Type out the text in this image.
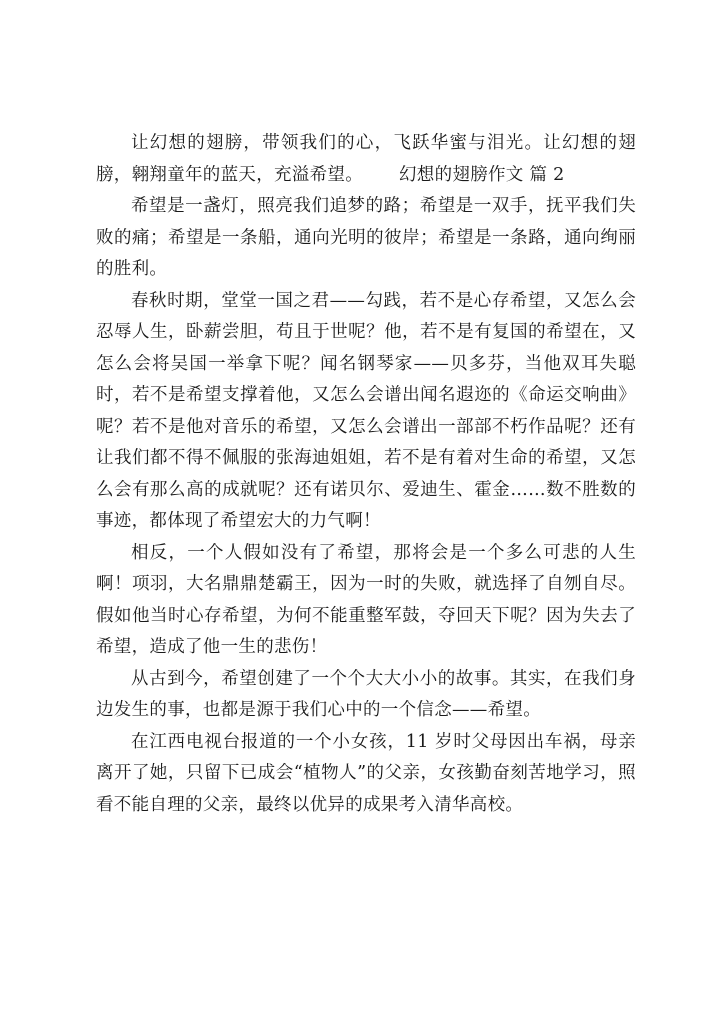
让幻想的翅膀，带领我们的心，飞跃华蜜与泪光。让幻想的翅膀，翱翔童年的蓝天，充溢希望。 幻想的翅膀作文 篇 2

希望是一盏灯，照亮我们追梦的路；希望是一双手，抚平我们失败的痛；希望是一条船，通向光明的彼岸；希望是一条路，通向绚丽的胜利。

春秋时期，堂堂一国之君——勾践，若不是心存希望，又怎么会忍辱人生，卧薪尝胆，苟且于世呢？他，若不是有复国的希望在，又怎么会将吴国一举拿下呢？闻名钢琴家——贝多芬，当他双耳失聪时，若不是希望支撑着他，又怎么会谱出闻名遐迩的《命运交响曲》呢？若不是他对音乐的希望，又怎么会谱出一部部不朽作品呢？还有让我们都不得不佩服的张海迪姐姐，若不是有着对生命的希望，又怎么会有那么高的成就呢？还有诺贝尔、爱迪生、霍金……数不胜数的事迹，都体现了希望宏大的力气啊！

相反，一个人假如没有了希望，那将会是一个多么可悲的人生啊！项羽，大名鼎鼎楚霸王，因为一时的失败，就选择了自刎自尽。假如他当时心存希望，为何不能重整军鼓，夺回天下呢？因为失去了希望，造成了他一生的悲伤！

从古到今，希望创建了一个个大大小小的故事。其实，在我们身边发生的事，也都是源于我们心中的一个信念——希望。

在江西电视台报道的一个小女孩，11 岁时父母因出车祸，母亲离开了她，只留下已成会“植物人”的父亲，女孩勤奋刻苦地学习，照看不能自理的父亲，最终以优异的成果考入清华高校。
